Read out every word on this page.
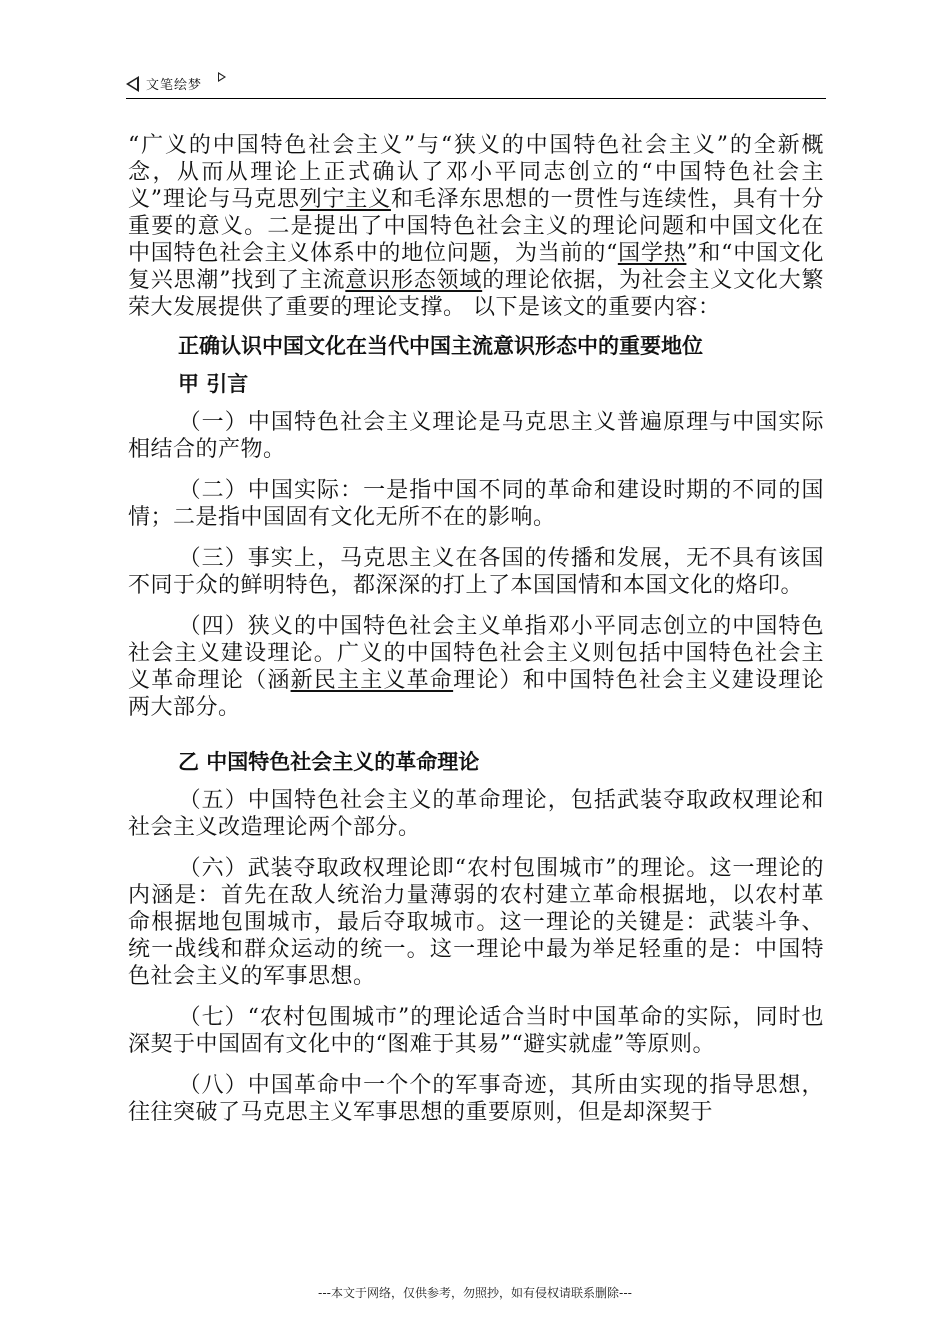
文笔绘梦

“广义的中国特色社会主义”与“狭义的中国特色社会主义”的全新概念，从而从理论上正式确认了邓小平同志创立的“中国特色社会主义”理论与马克思列宁主义和毛泽东思想的一贯性与连续性，具有十分重要的意义。二是提出了中国特色社会主义的理论问题和中国文化在中国特色社会主义体系中的地位问题，为当前的“国学热”和“中国文化复兴思潮”找到了主流意识形态领域的理论依据，为社会主义文化大繁荣大发展提供了重要的理论支撑。 以下是该文的重要内容：

正确认识中国文化在当代中国主流意识形态中的重要地位
甲 引言

（一）中国特色社会主义理论是马克思主义普遍原理与中国实际相结合的产物。

（二）中国实际：一是指中国不同的革命和建设时期的不同的国情；二是指中国固有文化无所不在的影响。

（三）事实上，马克思主义在各国的传播和发展，无不具有该国不同于众的鲜明特色，都深深的打上了本国国情和本国文化的烙印。

（四）狭义的中国特色社会主义单指邓小平同志创立的中国特色社会主义建设理论。广义的中国特色社会主义则包括中国特色社会主义革命理论（涵新民主主义革命理论）和中国特色社会主义建设理论两大部分。

乙 中国特色社会主义的革命理论

（五）中国特色社会主义的革命理论，包括武装夺取政权理论和社会主义改造理论两个部分。

（六）武装夺取政权理论即“农村包围城市”的理论。这一理论的内涵是：首先在敌人统治力量薄弱的农村建立革命根据地，以农村革命根据地包围城市，最后夺取城市。这一理论的关键是：武装斗争、统一战线和群众运动的统一。这一理论中最为举足轻重的是：中国特色社会主义的军事思想。

（七）“农村包围城市”的理论适合当时中国革命的实际，同时也深契于中国固有文化中的“图难于其易”“避实就虚”等原则。

（八）中国革命中一个个的军事奇迹，其所由实现的指导思想，往往突破了马克思主义军事思想的重要原则，但是却深契于

---本文于网络，仅供参考，勿照抄，如有侵权请联系删除---
